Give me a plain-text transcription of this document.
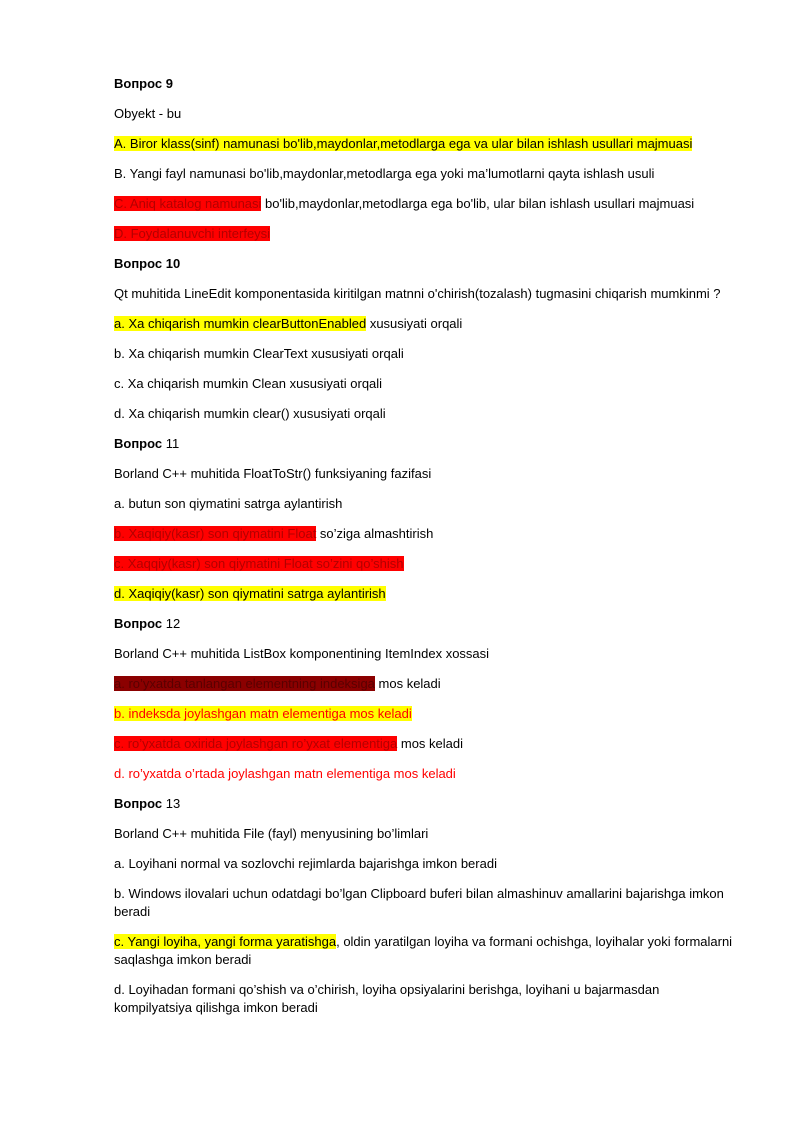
Вопрос 9
Obyekt - bu
A. Biror klass(sinf) namunasi bo'lib,maydonlar,metodlarga ega va ular bilan ishlash usullari majmuasi
B. Yangi fayl namunasi bo'lib,maydonlar,metodlarga ega yoki ma’lumotlarni qayta ishlash usuli
C. Aniq katalog namunasi bo'lib,maydonlar,metodlarga ega bo'lib, ular bilan ishlash usullari majmuasi
D. Foydalanuvchi interfeysi
Вопрос 10
Qt muhitida LineEdit komponentasida kiritilgan matnni o'chirish(tozalash) tugmasini chiqarish mumkinmi ?
a. Xa chiqarish mumkin clearButtonEnabled xususiyati orqali
b. Xa chiqarish mumkin ClearText xususiyati orqali
c. Xa chiqarish mumkin Clean xususiyati orqali
d. Xa chiqarish mumkin clear() xususiyati orqali
Вопрос 11
Borland C++ muhitida FloatToStr() funksiyaning fazifasi
a. butun son qiymatini satrga aylantirish
b. Xaqiqiy(kasr) son qiymatini Float so’ziga almashtirish
c. Xaqqiy(kasr) son qiymatini Float so’zini qo’shish
d. Xaqiqiy(kasr) son qiymatini satrga aylantirish
Вопрос 12
Borland C++ muhitida ListBox komponentining ItemIndex xossasi
a. ro’yxatda tanlangan elementning indeksiga mos keladi
b. indeksda joylashgan matn elementiga mos keladi
c. ro’yxatda oxirida joylashgan ro’yxat elementiga mos keladi
d. ro’yxatda o’rtada joylashgan matn elementiga mos keladi
Вопрос 13
Borland C++ muhitida File (fayl) menyusining bo’limlari
a. Loyihani normal va sozlovchi rejimlarda bajarishga imkon beradi
b. Windows ilovalari uchun odatdagi bo’lgan Clipboard buferi bilan almashinuv amallarini bajarishga imkon beradi
c. Yangi loyiha, yangi forma yaratishga, oldin yaratilgan loyiha va formani ochishga, loyihalar yoki formalarni saqlashga imkon beradi
d. Loyihadan formani qo’shish va o’chirish, loyiha opsiyalarini berishga, loyihani u bajarmasdan kompilyatsiya qilishga imkon beradi
